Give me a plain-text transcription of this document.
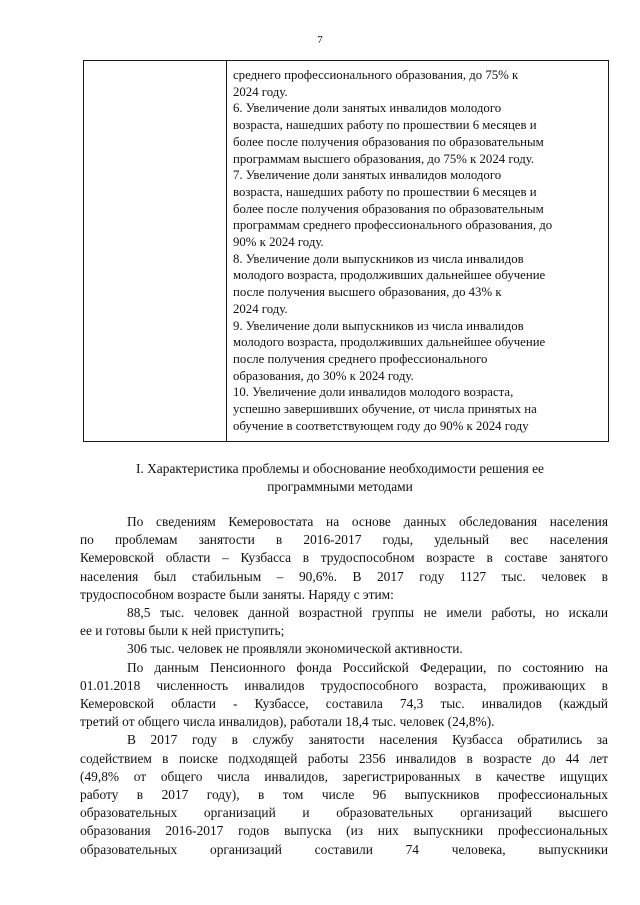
7
среднего профессионального образования, до 75% к
2024 году.
6. Увеличение доли занятых инвалидов молодого
возраста, нашедших работу по прошествии 6 месяцев и
более после получения образования по образовательным
программам высшего образования, до 75% к 2024 году.
7. Увеличение доли занятых инвалидов молодого
возраста, нашедших работу по прошествии 6 месяцев и
более после получения образования по образовательным
программам среднего профессионального образования, до
90% к 2024 году.
8. Увеличение доли выпускников из числа инвалидов
молодого возраста, продолживших дальнейшее обучение
после получения высшего образования, до 43% к
2024 году.
9. Увеличение доли выпускников из числа инвалидов
молодого возраста, продолживших дальнейшее обучение
после получения среднего профессионального
образования, до 30% к 2024 году.
10. Увеличение доли инвалидов молодого возраста,
успешно завершивших обучение, от числа принятых на
обучение в соответствующем году до 90% к 2024 году
I. Характеристика проблемы и обоснование необходимости решения ее
программными методами
По сведениям Кемеровостата на основе данных обследования населения
по проблемам занятости в 2016-2017 годы, удельный вес населения
Кемеровской области – Кузбасса в трудоспособном возрасте в составе занятого
населения был стабильным – 90,6%. В 2017 году 1127 тыс. человек в
трудоспособном возрасте были заняты. Наряду с этим:
88,5 тыс. человек данной возрастной группы не имели работы, но искали
ее и готовы были к ней приступить;
306 тыс. человек не проявляли экономической активности.
По данным Пенсионного фонда Российской Федерации, по состоянию на
01.01.2018 численность инвалидов трудоспособного возраста, проживающих в
Кемеровской области - Кузбассе, составила 74,3 тыс. инвалидов (каждый
третий от общего числа инвалидов), работали 18,4 тыс. человек (24,8%).
В 2017 году в службу занятости населения Кузбасса обратились за
содействием в поиске подходящей работы 2356 инвалидов в возрасте до 44 лет
(49,8% от общего числа инвалидов, зарегистрированных в качестве ищущих
работу в 2017 году), в том числе 96 выпускников профессиональных
образовательных организаций и образовательных организаций высшего
образования 2016-2017 годов выпуска (из них выпускники профессиональных
образовательных организаций составили 74 человека, выпускники
